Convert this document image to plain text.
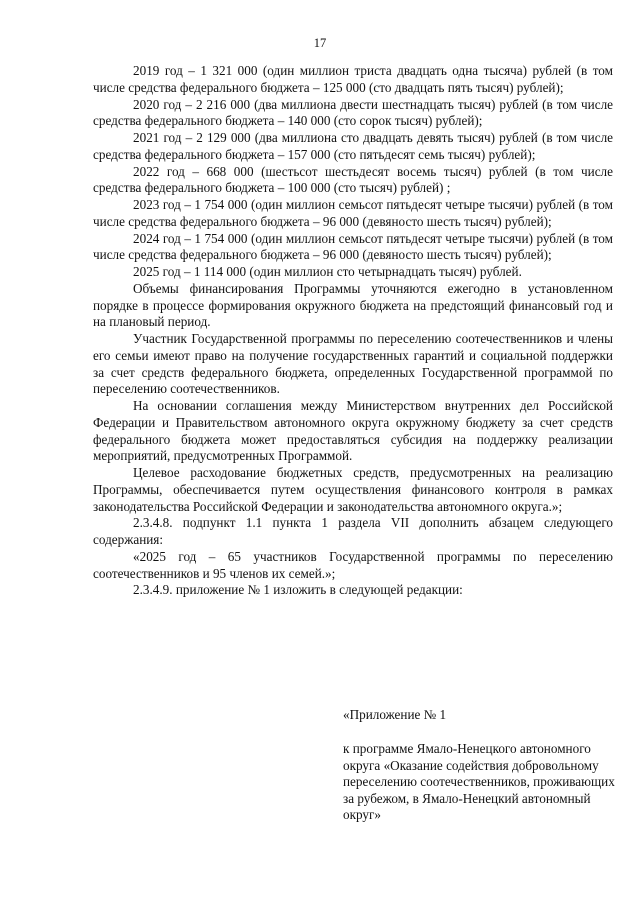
17

2019 год – 1 321 000 (один миллион триста двадцать одна тысяча) рублей (в том числе средства федерального бюджета – 125 000 (сто двадцать пять тысяч) рублей);

2020 год – 2 216 000 (два миллиона двести шестнадцать тысяч) рублей (в том числе средства федерального бюджета – 140 000 (сто сорок тысяч) рублей);

2021 год – 2 129 000 (два миллиона сто двадцать девять тысяч) рублей (в том числе средства федерального бюджета – 157 000 (сто пятьдесят семь тысяч) рублей);

2022 год – 668 000 (шестьсот шестьдесят восемь тысяч) рублей (в том числе средства федерального бюджета – 100 000 (сто тысяч) рублей) ;

2023 год – 1 754 000 (один миллион семьсот пятьдесят четыре тысячи) рублей (в том числе средства федерального бюджета – 96 000 (девяносто шесть тысяч) рублей);

2024 год – 1 754 000 (один миллион семьсот пятьдесят четыре тысячи) рублей (в том числе средства федерального бюджета – 96 000 (девяносто шесть тысяч) рублей);

2025 год – 1 114 000 (один миллион сто четырнадцать тысяч) рублей.

Объемы финансирования Программы уточняются ежегодно в установленном порядке в процессе формирования окружного бюджета на предстоящий финансовый год и на плановый период.

Участник Государственной программы по переселению соотечественников и члены его семьи имеют право на получение государственных гарантий и социальной поддержки за счет средств федерального бюджета, определенных Государственной программой по переселению соотечественников.

На основании соглашения между Министерством внутренних дел Российской Федерации и Правительством автономного округа окружному бюджету за счет средств федерального бюджета может предоставляться субсидия на поддержку реализации мероприятий, предусмотренных Программой.

Целевое расходование бюджетных средств, предусмотренных на реализацию Программы, обеспечивается путем осуществления финансового контроля в рамках законодательства Российской Федерации и законодательства автономного округа.»;

2.3.4.8. подпункт 1.1 пункта 1 раздела VII дополнить абзацем следующего содержания:

«2025 год – 65 участников Государственной программы по переселению соотечественников и 95 членов их семей.»;

2.3.4.9. приложение № 1 изложить в следующей редакции:

«Приложение № 1

к программе Ямало-Ненецкого автономного округа «Оказание содействия добровольному переселению соотечественников, проживающих за рубежом, в Ямало-Ненецкий автономный округ»
